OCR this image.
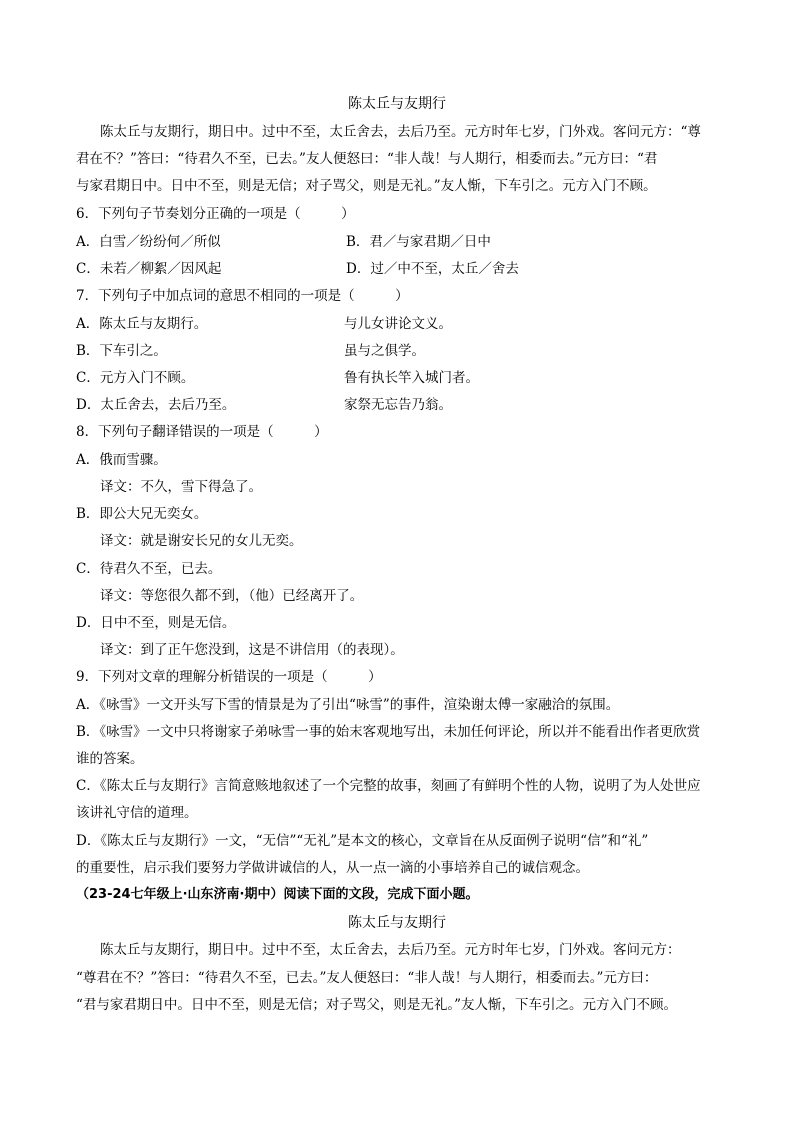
陈太丘与友期行
陈太丘与友期行，期日中。过中不至，太丘舍去，去后乃至。元方时年七岁，门外戏。客问元方：“尊
君在不？”答曰：“待君久不至，已去。”友人便怒曰：“非人哉！与人期行，相委而去。”元方曰：“君
与家君期日中。日中不至，则是无信；对子骂父，则是无礼。”友人惭，下车引之。元方入门不顾。
6．下列句子节奏划分正确的一项是（　　　）
A．白雪／纷纷何／所似	B．君／与家君期／日中
C．未若／柳絮／因风起	D．过／中不至，太丘／舍去
7．下列句子中加点词的意思不相同的一项是（　　　）
A．陈太丘与友期行。	与儿女讲论文义。
B．下车引之。	虽与之俱学。
C．元方入门不顾。	鲁有执长竿入城门者。
D．太丘舍去，去后乃至。	家祭无忘告乃翁。
8．下列句子翻译错误的一项是（　　　）
A．俄而雪骤。
译文：不久，雪下得急了。
B．即公大兄无奕女。
译文：就是谢安长兄的女儿无奕。
C．待君久不至，已去。
译文：等您很久都不到，（他）已经离开了。
D．日中不至，则是无信。
译文：到了正午您没到，这是不讲信用（的表现）。
9．下列对文章的理解分析错误的一项是（　　　）
A．《咏雪》一文开头写下雪的情景是为了引出“咏雪”的事件，渲染谢太傅一家融洽的氛围。
B．《咏雪》一文中只将谢家子弟咏雪一事的始末客观地写出，未加任何评论，所以并不能看出作者更欣赏
谁的答案。
C．《陈太丘与友期行》言简意赅地叙述了一个完整的故事，刻画了有鲜明个性的人物，说明了为人处世应
该讲礼守信的道理。
D．《陈太丘与友期行》一文，“无信”“无礼”是本文的核心，文章旨在从反面例子说明“信”和“礼”
的重要性，启示我们要努力学做讲诚信的人，从一点一滴的小事培养自己的诚信观念。
（23-24七年级上·山东济南·期中）阅读下面的文段，完成下面小题。
陈太丘与友期行
陈太丘与友期行，期日中。过中不至，太丘舍去，去后乃至。元方时年七岁，门外戏。客问元方：
“尊君在不？”答曰：“待君久不至，已去。”友人便怒曰：“非人哉！与人期行，相委而去。”元方曰：
“君与家君期日中。日中不至，则是无信；对子骂父，则是无礼。”友人惭，下车引之。元方入门不顾。
